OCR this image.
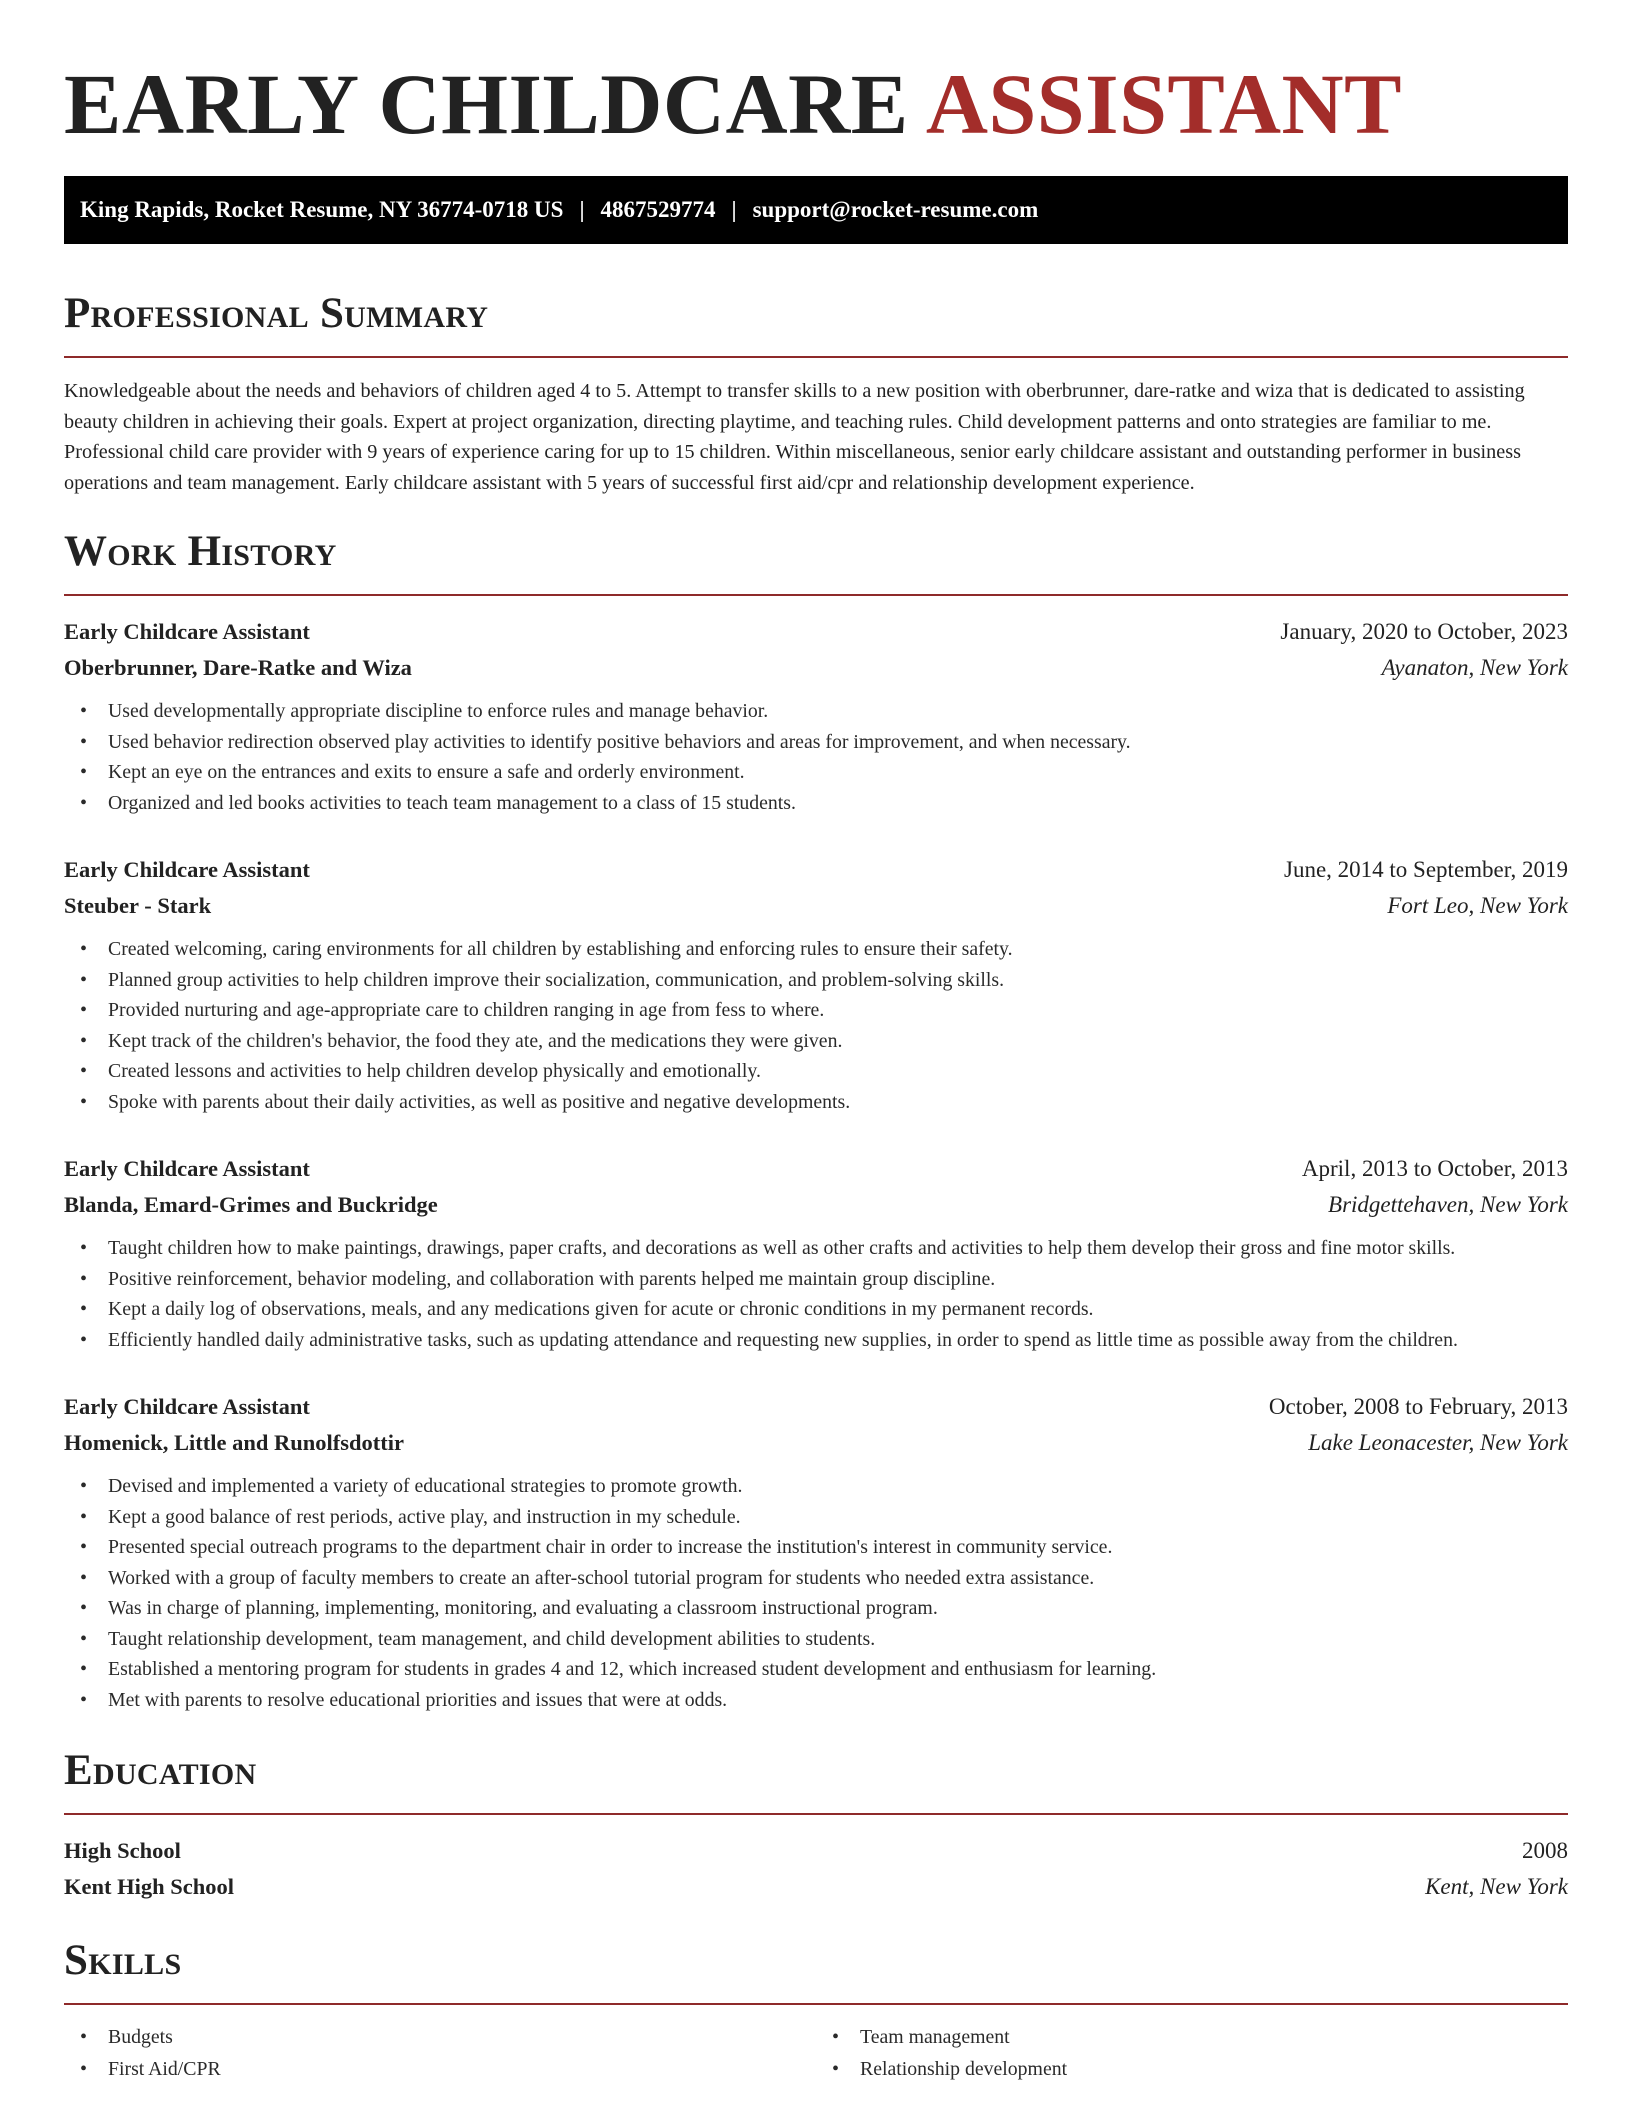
EARLY CHILDCARE ASSISTANT
King Rapids, Rocket Resume, NY 36774-0718 US | 4867529774 | support@rocket-resume.com
Professional Summary

Knowledgeable about the needs and behaviors of children aged 4 to 5. Attempt to transfer skills to a new position with oberbrunner, dare-ratke and wiza that is dedicated to assisting beauty children in achieving their goals. Expert at project organization, directing playtime, and teaching rules. Child development patterns and onto strategies are familiar to me. Professional child care provider with 9 years of experience caring for up to 15 children. Within miscellaneous, senior early childcare assistant and outstanding performer in business operations and team management. Early childcare assistant with 5 years of successful first aid/cpr and relationship development experience.

Work History
Early Childcare Assistant	January, 2020 to October, 2023
Oberbrunner, Dare-Ratke and Wiza	Ayanaton, New York
• Used developmentally appropriate discipline to enforce rules and manage behavior.
• Used behavior redirection observed play activities to identify positive behaviors and areas for improvement, and when necessary.
• Kept an eye on the entrances and exits to ensure a safe and orderly environment.
• Organized and led books activities to teach team management to a class of 15 students.
Early Childcare Assistant	June, 2014 to September, 2019
Steuber - Stark	Fort Leo, New York
• Created welcoming, caring environments for all children by establishing and enforcing rules to ensure their safety.
• Planned group activities to help children improve their socialization, communication, and problem-solving skills.
• Provided nurturing and age-appropriate care to children ranging in age from fess to where.
• Kept track of the children's behavior, the food they ate, and the medications they were given.
• Created lessons and activities to help children develop physically and emotionally.
• Spoke with parents about their daily activities, as well as positive and negative developments.
Early Childcare Assistant	April, 2013 to October, 2013
Blanda, Emard-Grimes and Buckridge	Bridgettehaven, New York
• Taught children how to make paintings, drawings, paper crafts, and decorations as well as other crafts and activities to help them develop their gross and fine motor skills.
• Positive reinforcement, behavior modeling, and collaboration with parents helped me maintain group discipline.
• Kept a daily log of observations, meals, and any medications given for acute or chronic conditions in my permanent records.
• Efficiently handled daily administrative tasks, such as updating attendance and requesting new supplies, in order to spend as little time as possible away from the children.
Early Childcare Assistant	October, 2008 to February, 2013
Homenick, Little and Runolfsdottir	Lake Leonacester, New York
• Devised and implemented a variety of educational strategies to promote growth.
• Kept a good balance of rest periods, active play, and instruction in my schedule.
• Presented special outreach programs to the department chair in order to increase the institution's interest in community service.
• Worked with a group of faculty members to create an after-school tutorial program for students who needed extra assistance.
• Was in charge of planning, implementing, monitoring, and evaluating a classroom instructional program.
• Taught relationship development, team management, and child development abilities to students.
• Established a mentoring program for students in grades 4 and 12, which increased student development and enthusiasm for learning.
• Met with parents to resolve educational priorities and issues that were at odds.
Education
High School	2008
Kent High School	Kent, New York
Skills
• Budgets
• First Aid/CPR
• Team management
• Relationship development
